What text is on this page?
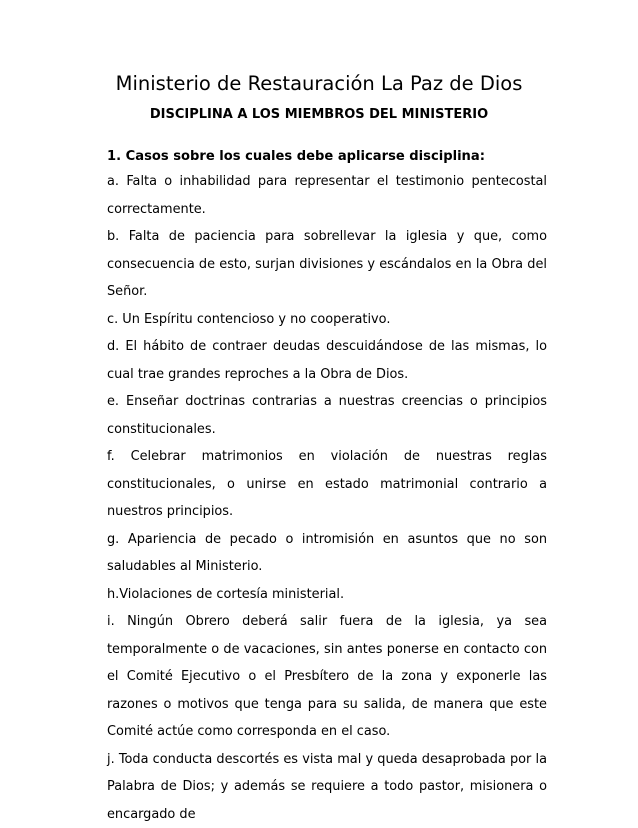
Ministerio de Restauración La Paz de Dios
DISCIPLINA A LOS MIEMBROS DEL MINISTERIO

1. Casos sobre los cuales debe aplicarse disciplina:

a. Falta o inhabilidad para representar el testimonio pentecostal correctamente.

b. Falta de paciencia para sobrellevar la iglesia y que, como consecuencia de esto, surjan divisiones y escándalos en la Obra del Señor.

c. Un Espíritu contencioso y no cooperativo.

d. El hábito de contraer deudas descuidándose de las mismas, lo cual trae grandes reproches a la Obra de Dios.

e. Enseñar doctrinas contrarias a nuestras creencias o principios constitucionales.

f. Celebrar matrimonios en violación de nuestras reglas constitucionales, o unirse en estado matrimonial contrario a nuestros principios.

g. Apariencia de pecado o intromisión en asuntos que no son saludables al Ministerio.

h.Violaciones de cortesía ministerial.

i. Ningún Obrero deberá salir fuera de la iglesia, ya sea temporalmente o de vacaciones, sin antes ponerse en contacto con el Comité Ejecutivo o el Presbítero de la zona y exponerle las razones o motivos que tenga para su salida, de manera que este Comité actúe como corresponda en el caso.

j. Toda conducta descortés es vista mal y queda desaprobada por la Palabra de Dios; y además se requiere a todo pastor, misionera o encargado de
